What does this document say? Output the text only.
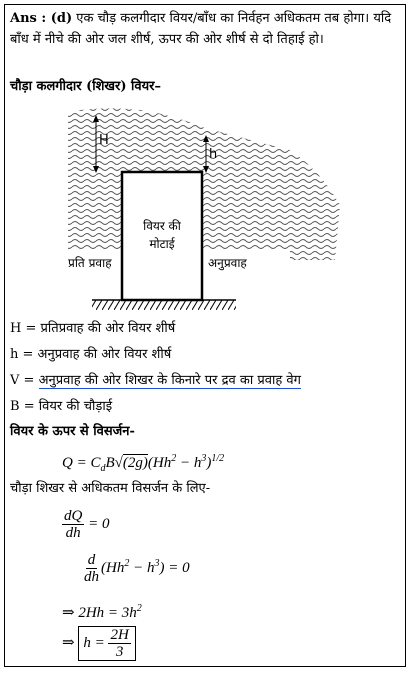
Ans : (d) एक चौड़ कलगीदार वियर/बाँध का निर्वहन अधिकतम तब होगा। यदि बाँध में नीचे की ओर जल शीर्ष, ऊपर की ओर शीर्ष से दो तिहाई हो।
चौड़ा कलगीदार (शिखर) वियर–
H
h
वियर की
मोटाई
प्रति प्रवाह	अनुप्रवाह
H = प्रतिप्रवाह की ओर वियर शीर्ष
h = अनुप्रवाह की ओर वियर शीर्ष
V = अनुप्रवाह की ओर शिखर के किनारे पर द्रव का प्रवाह वेग
B = वियर की चौड़ाई
वियर के ऊपर से विसर्जन-
$Q = C_dB√(2g)(Hh^2 - h^3)^{1/2}$
चौड़ा शिखर से अधिकतम विसर्जन के लिए-
$\frac{dQ}{dh} = 0$
$\frac{d}{dh} (Hh^2 - h^3) = 0$
⇒ $2Hh = 3h^2$
⇒ $h = \frac{2H}{3}$
